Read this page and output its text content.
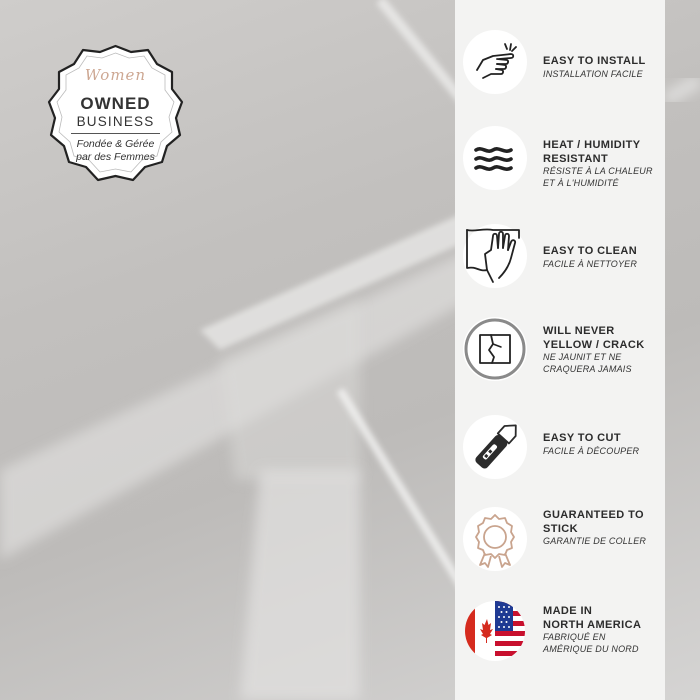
Women
OWNED
BUSINESS
Fondée & Gérée
par des Femmes
EASY TO INSTALL
INSTALLATION FACILE
HEAT / HUMIDITY
RESISTANT
RÉSISTE À LA CHALEUR
ET À L'HUMIDITÉ
EASY TO CLEAN
FACILE À NETTOYER
WILL NEVER
YELLOW / CRACK
NE JAUNIT ET NE
CRAQUERA JAMAIS
EASY TO CUT
FACILE À DÉCOUPER
GUARANTEED TO
STICK
GARANTIE DE COLLER
MADE IN
NORTH AMERICA
FABRIQUÉ EN
AMÉRIQUE DU NORD
